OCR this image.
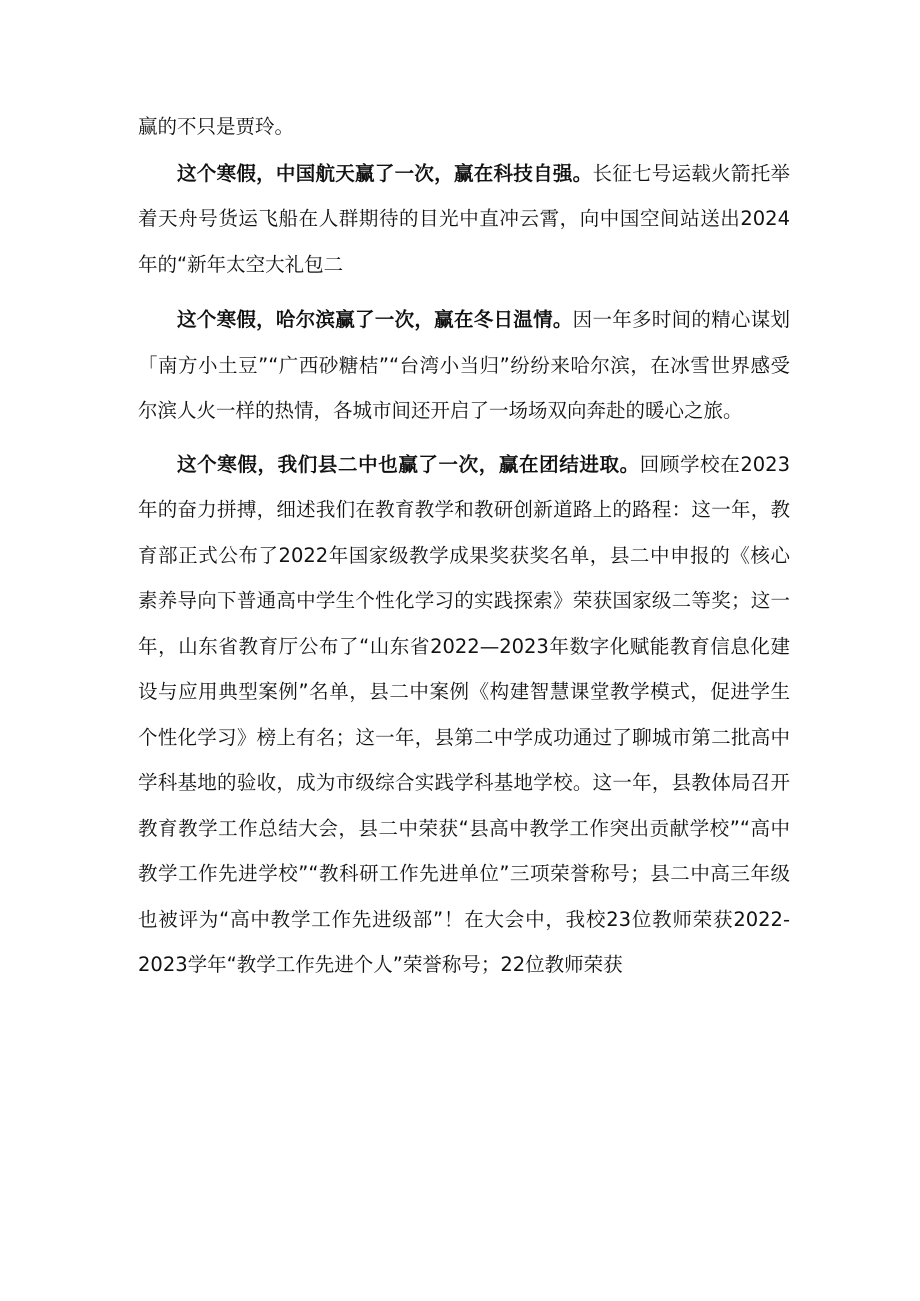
赢的不只是贾玲。

这个寒假，中国航天赢了一次，赢在科技自强。长征七号运载火箭托举着天舟号货运飞船在人群期待的目光中直冲云霄，向中国空间站送出2024年的“新年太空大礼包二

这个寒假，哈尔滨赢了一次，赢在冬日温情。因一年多时间的精心谋划「南方小土豆”“广西砂糖桔”“台湾小当归”纷纷来哈尔滨，在冰雪世界感受尔滨人火一样的热情，各城市间还开启了一场场双向奔赴的暖心之旅。

这个寒假，我们县二中也赢了一次，赢在团结进取。回顾学校在2023年的奋力拼搏，细述我们在教育教学和教研创新道路上的路程：这一年，教育部正式公布了2022年国家级教学成果奖获奖名单，县二中申报的《核心素养导向下普通高中学生个性化学习的实践探索》荣获国家级二等奖；这一年，山东省教育厅公布了“山东省2022—2023年数字化赋能教育信息化建设与应用典型案例”名单，县二中案例《构建智慧课堂教学模式，促进学生个性化学习》榜上有名；这一年，县第二中学成功通过了聊城市第二批高中学科基地的验收，成为市级综合实践学科基地学校。这一年，县教体局召开教育教学工作总结大会，县二中荣获“县高中教学工作突出贡献学校”“高中教学工作先进学校”“教科研工作先进单位”三项荣誉称号；县二中高三年级也被评为“高中教学工作先进级部”！在大会中，我校23位教师荣获2022-2023学年“教学工作先进个人”荣誉称号；22位教师荣获
